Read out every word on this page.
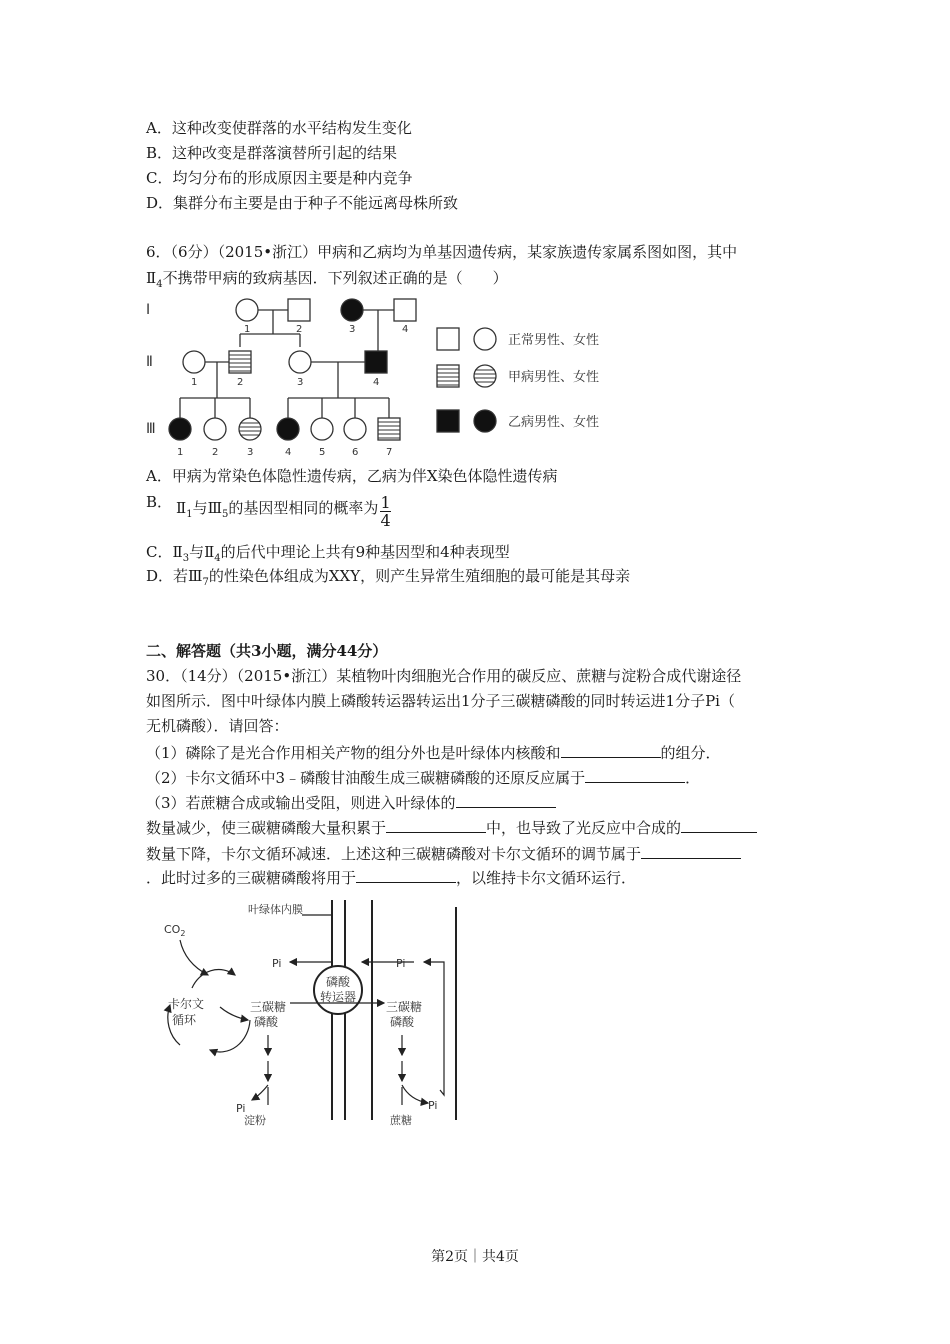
A．这种改变使群落的水平结构发生变化
B．这种改变是群落演替所引起的结果
C．均匀分布的形成原因主要是种内竞争
D．集群分布主要是由于种子不能远离母株所致
6．（6分）（2015•浙江）甲病和乙病均为单基因遗传病，某家族遗传家属系图如图，其中
$Ⅱ_4$不携带甲病的致病基因．下列叙述正确的是（　　）
Ⅰ
Ⅱ
Ⅲ
1	2	3	4
1	2	3	4
1	2	3	4	5	6	7
正常男性、女性
甲病男性、女性
乙病男性、女性
A．甲病为常染色体隐性遗传病，乙病为伴X染色体隐性遗传病
B． $Ⅱ_1$与$Ⅲ_5$的基因型相同的概率为 $\frac{1}{4}$
C．$Ⅱ_3$与$Ⅱ_4$的后代中理论上共有9种基因型和4种表现型
D．若$Ⅲ_7$的性染色体组成为XXY，则产生异常生殖细胞的最可能是其母亲
二、解答题（共3小题，满分44分）
30．（14分）（2015•浙江）某植物叶肉细胞光合作用的碳反应、蔗糖与淀粉合成代谢途径
如图所示．图中叶绿体内膜上磷酸转运器转运出1分子三碳糖磷酸的同时转运进1分子Pi（
无机磷酸）．请回答：
（1）磷除了是光合作用相关产物的组分外也是叶绿体内核酸和	的组分．
（2）卡尔文循环中3﹣磷酸甘油酸生成三碳糖磷酸的还原反应属于	．
（3）若蔗糖合成或输出受阻，则进入叶绿体的
数量减少，使三碳糖磷酸大量积累于	中，也导致了光反应中合成的
数量下降，卡尔文循环减速．上述这种三碳糖磷酸对卡尔文循环的调节属于
．此时过多的三碳糖磷酸将用于	，以维持卡尔文循环运行．
叶绿体内膜
$CO_2$
Pi	Pi
Pi	Pi
淀粉	蔗糖
卡尔文
循环
三碳糖
磷酸
三碳糖
磷酸
磷酸
转运器
第2页｜共4页
